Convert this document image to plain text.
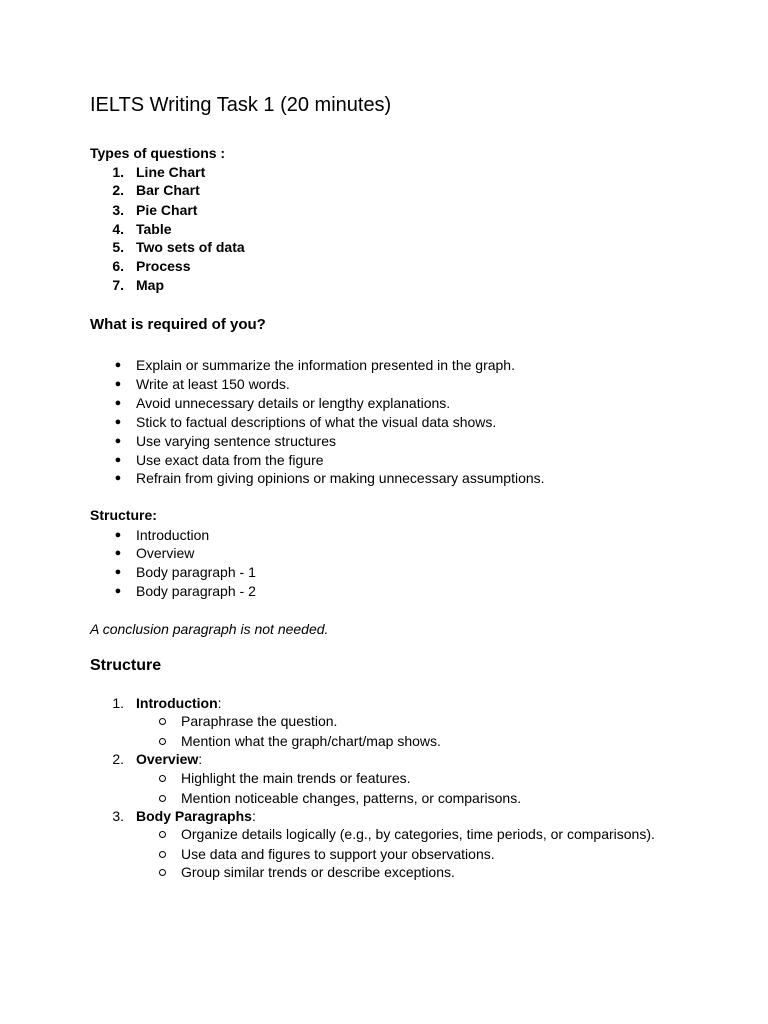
IELTS Writing Task 1 (20 minutes)
Types of questions :
1. Line Chart
2. Bar Chart
3. Pie Chart
4. Table
5. Two sets of data
6. Process
7. Map
What is required of you?
● Explain or summarize the information presented in the graph.
● Write at least 150 words.
● Avoid unnecessary details or lengthy explanations.
● Stick to factual descriptions of what the visual data shows.
● Use varying sentence structures
● Use exact data from the figure
● Refrain from giving opinions or making unnecessary assumptions.
Structure:
● Introduction
● Overview
● Body paragraph - 1
● Body paragraph - 2
A conclusion paragraph is not needed.
Structure
1. Introduction:
Paraphrase the question.
Mention what the graph/chart/map shows.
2. Overview:
Highlight the main trends or features.
Mention noticeable changes, patterns, or comparisons.
3. Body Paragraphs:
Organize details logically (e.g., by categories, time periods, or comparisons).
Use data and figures to support your observations.
Group similar trends or describe exceptions.
